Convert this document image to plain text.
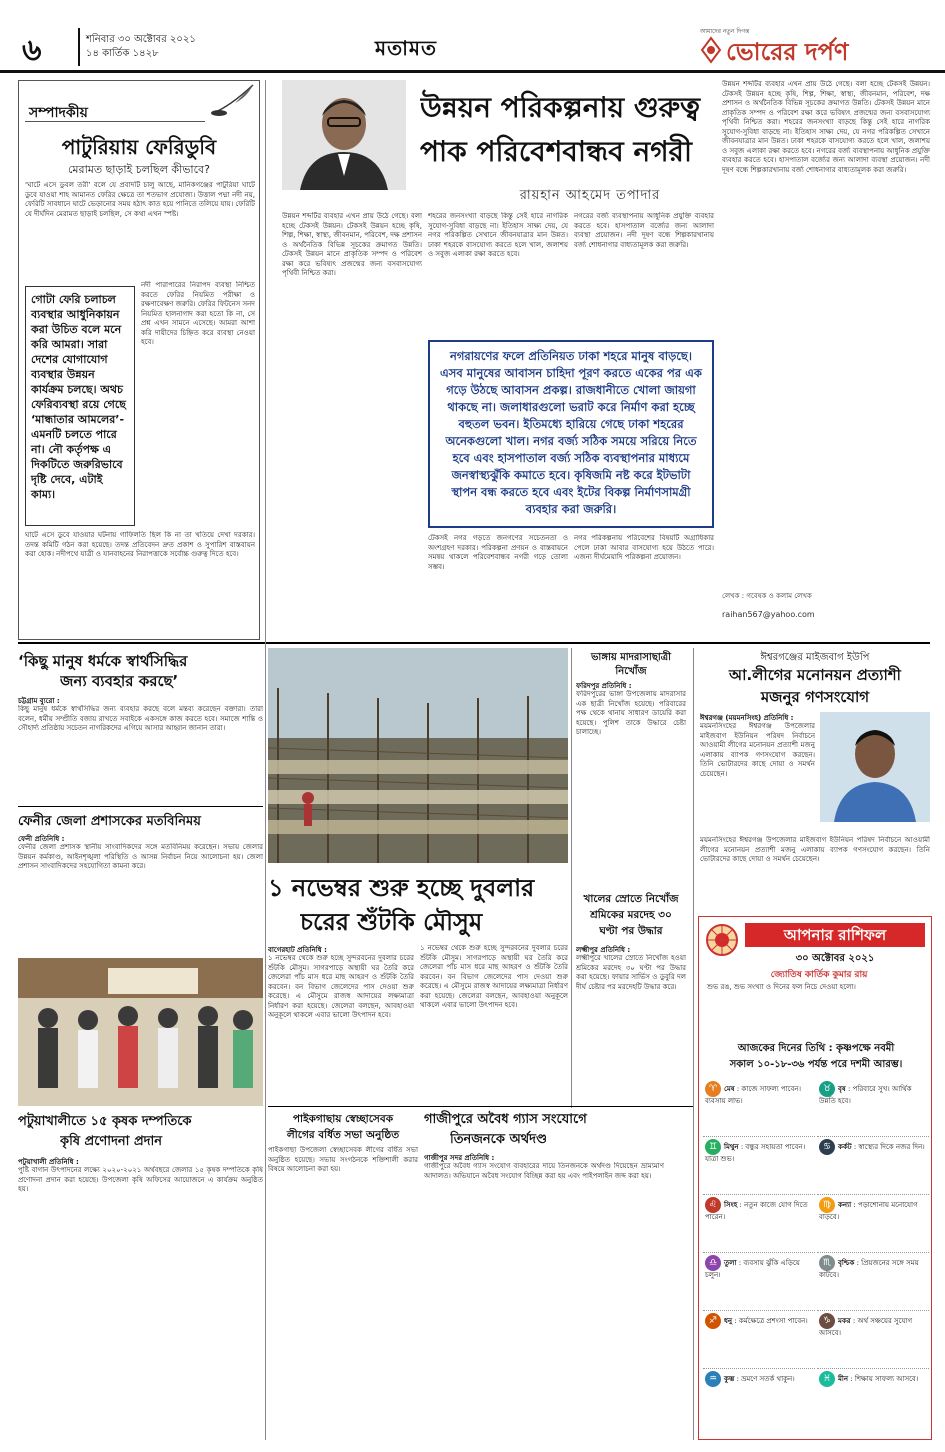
৬	শনিবার ৩০ অক্টোবর ২০২১
১৪ কার্তিক ১৪২৮	মতামত
আমাদের নতুন দিগন্ত
ভোরের দর্পণ
সম্পাদকীয়
পাটুরিয়ায় ফেরিডুবি
মেরামত ছাড়াই চলছিল কীভাবে?
‘ঘাটে এসে ডুবল তরী’ বলে যে প্রবাদটি চালু আছে, মানিকগঞ্জের পাটুরিয়া ঘাটে ডুবে যাওয়া শাহ আমানত ফেরির ক্ষেত্রে তা শতভাগ প্রযোজ্য। উত্তাল পদ্মা নদী নয়, ফেরিটি সাবধানে ঘাটে ভেড়ানোর সময় হঠাৎ কাত হয়ে পানিতে তলিয়ে যায়। ফেরিটি যে দীর্ঘদিন মেরামত ছাড়াই চলছিল, সে কথা এখন স্পষ্ট।
নদী পারাপারের নিরাপদ ব্যবস্থা নিশ্চিত করতে ফেরির নিয়মিত পরীক্ষা ও রক্ষণাবেক্ষণ জরুরি। ফেরির ফিটনেস সনদ নিয়মিত হালনাগাদ করা হতো কি না, সে প্রশ্ন এখন সামনে এসেছে। আমরা আশা করি দায়ীদের চিহ্নিত করে ব্যবস্থা নেওয়া হবে।
গোটা ফেরি চলাচল ব্যবস্থার আধুনিকায়ন করা উচিত বলে মনে করি আমরা। সারা দেশের যোগাযোগ ব্যবস্থার উন্নয়ন কার্যক্রম চলছে। অথচ ফেরিব্যবস্থা রয়ে গেছে ‘মান্ধাতার আমলের’- এমনটি চলতে পারে না। নৌ কর্তৃপক্ষ এ দিকটিতে জরুরিভাবে দৃষ্টি দেবে, এটাই কাম্য।
ঘাটে এসে ডুবে যাওয়ার ঘটনায় গাফিলতি ছিল কি না তা খতিয়ে দেখা দরকার। তদন্ত কমিটি গঠন করা হয়েছে। তদন্ত প্রতিবেদন দ্রুত প্রকাশ ও সুপারিশ বাস্তবায়ন করা হোক। নদীপথে যাত্রী ও যানবাহনের নিরাপত্তাকে সর্বোচ্চ গুরুত্ব দিতে হবে।
উন্নয়ন পরিকল্পনায় গুরুত্ব
পাক পরিবেশবান্ধব নগরী
রায়হান আহমেদ তপাদার
উন্নয়ন শব্দটির ব্যবহার এখন প্রায় উঠে গেছে। বলা হচ্ছে টেকসই উন্নয়ন। টেকসই উন্নয়ন হচ্ছে কৃষি, শিল্প, শিক্ষা, স্বাস্থ্য, জীবনমান, পরিবেশ, দক্ষ প্রশাসন ও অর্থনৈতিক বিভিন্ন সূচকের ক্রমাগত উন্নতি। টেকসই উন্নয়ন মানে প্রাকৃতিক সম্পদ ও পরিবেশ রক্ষা করে ভবিষ্যৎ প্রজন্মের জন্য বসবাসযোগ্য পৃথিবী নিশ্চিত করা।
শহরের জনসংখ্যা বাড়ছে কিন্তু সেই হারে নাগরিক সুযোগ-সুবিধা বাড়ছে না। ইতিহাস সাক্ষ্য দেয়, যে নগর পরিকল্পিত সেখানে জীবনযাত্রার মান উন্নত। ঢাকা শহরকে বাসযোগ্য করতে হলে খাল, জলাশয় ও সবুজ এলাকা রক্ষা করতে হবে।
নগরের বর্জ্য ব্যবস্থাপনায় আধুনিক প্রযুক্তি ব্যবহার করতে হবে। হাসপাতাল বর্জ্যের জন্য আলাদা ব্যবস্থা প্রয়োজন। নদী দূষণ বন্ধে শিল্পকারখানায় বর্জ্য শোধনাগার বাধ্যতামূলক করা জরুরি।
টেকসই নগর গড়তে জনগণের সচেতনতা ও অংশগ্রহণ দরকার। পরিকল্পনা প্রণয়ন ও বাস্তবায়নে সমন্বয় থাকলে পরিবেশবান্ধব নগরী গড়ে তোলা সম্ভব।
নগর পরিকল্পনায় পরিবেশের বিষয়টি অগ্রাধিকার পেলে ঢাকা আবার বাসযোগ্য হয়ে উঠতে পারে। এজন্য দীর্ঘমেয়াদি পরিকল্পনা প্রয়োজন।
নগরায়ণের ফলে প্রতিনিয়ত ঢাকা শহরে মানুষ বাড়ছে। এসব মানুষের আবাসন চাহিদা পূরণ করতে একের পর এক গড়ে উঠছে আবাসন প্রকল্প। রাজধানীতে খোলা জায়গা থাকছে না। জলাধারগুলো ভরাট করে নির্মাণ করা হচ্ছে বহুতল ভবন। ইতিমধ্যে হারিয়ে গেছে ঢাকা শহরের অনেকগুলো খাল। নগর বর্জ্য সঠিক সময়ে সরিয়ে নিতে হবে এবং হাসপাতাল বর্জ্য সঠিক ব্যবস্থাপনার মাধ্যমে জনস্বাস্থ্যঝুঁকি কমাতে হবে। কৃষিজমি নষ্ট করে ইটভাটা স্থাপন বন্ধ করতে হবে এবং ইটের বিকল্প নির্মাণসামগ্রী ব্যবহার করা জরুরি।
উন্নয়ন শব্দটির ব্যবহার এখন প্রায় উঠে গেছে। বলা হচ্ছে টেকসই উন্নয়ন। টেকসই উন্নয়ন হচ্ছে কৃষি, শিল্প, শিক্ষা, স্বাস্থ্য, জীবনমান, পরিবেশ, দক্ষ প্রশাসন ও অর্থনৈতিক বিভিন্ন সূচকের ক্রমাগত উন্নতি। টেকসই উন্নয়ন মানে প্রাকৃতিক সম্পদ ও পরিবেশ রক্ষা করে ভবিষ্যৎ প্রজন্মের জন্য বসবাসযোগ্য পৃথিবী নিশ্চিত করা। শহরের জনসংখ্যা বাড়ছে কিন্তু সেই হারে নাগরিক সুযোগ-সুবিধা বাড়ছে না। ইতিহাস সাক্ষ্য দেয়, যে নগর পরিকল্পিত সেখানে জীবনযাত্রার মান উন্নত। ঢাকা শহরকে বাসযোগ্য করতে হলে খাল, জলাশয় ও সবুজ এলাকা রক্ষা করতে হবে। নগরের বর্জ্য ব্যবস্থাপনায় আধুনিক প্রযুক্তি ব্যবহার করতে হবে। হাসপাতাল বর্জ্যের জন্য আলাদা ব্যবস্থা প্রয়োজন। নদী দূষণ বন্ধে শিল্পকারখানায় বর্জ্য শোধনাগার বাধ্যতামূলক করা জরুরি।
লেখক : গবেষক ও কলাম লেখক
raihan567@yahoo.com
‘কিছু মানুষ ধর্মকে স্বার্থসিদ্ধির
জন্য ব্যবহার করছে’
চট্টগ্রাম ব্যুরো :
কিছু মানুষ ধর্মকে স্বার্থসিদ্ধির জন্য ব্যবহার করছে বলে মন্তব্য করেছেন বক্তারা। তারা বলেন, ধর্মীয় সম্প্রীতি বজায় রাখতে সবাইকে একসঙ্গে কাজ করতে হবে। সমাজে শান্তি ও সৌহার্দ্য প্রতিষ্ঠায় সচেতন নাগরিকদের এগিয়ে আসার আহ্বান জানান তারা।
ফেনীর জেলা প্রশাসকের মতবিনিময়
ফেনী প্রতিনিধি :
ফেনীর জেলা প্রশাসক স্থানীয় সাংবাদিকদের সঙ্গে মতবিনিময় করেছেন। সভায় জেলার উন্নয়ন কর্মকাণ্ড, আইনশৃঙ্খলা পরিস্থিতি ও আসন্ন নির্বাচন নিয়ে আলোচনা হয়। জেলা প্রশাসন সাংবাদিকদের সহযোগিতা কামনা করে।
পটুয়াখালীতে ১৫ কৃষক দম্পতিকে
কৃষি প্রণোদনা প্রদান
পটুয়াখালী প্রতিনিধি :
পুষ্টি বাগান উৎপাদনের লক্ষ্যে ২০২০-২০২১ অর্থবছরে জেলার ১৫ কৃষক দম্পতিকে কৃষি প্রণোদনা প্রদান করা হয়েছে। উপজেলা কৃষি অফিসের আয়োজনে এ কার্যক্রম অনুষ্ঠিত হয়।
১ নভেম্বর শুরু হচ্ছে দুবলার
চরের শুঁটকি মৌসুম
বাগেরহাট প্রতিনিধি :
১ নভেম্বর থেকে শুরু হচ্ছে সুন্দরবনের দুবলার চরের শুঁটকি মৌসুম। সাগরপাড়ে অস্থায়ী ঘর তৈরি করে জেলেরা পাঁচ মাস ধরে মাছ আহরণ ও শুঁটকি তৈরি করবেন। বন বিভাগ জেলেদের পাস দেওয়া শুরু করেছে। এ মৌসুমে রাজস্ব আদায়ের লক্ষ্যমাত্রা নির্ধারণ করা হয়েছে। জেলেরা বলছেন, আবহাওয়া অনুকূলে থাকলে এবার ভালো উৎপাদন হবে।
১ নভেম্বর থেকে শুরু হচ্ছে সুন্দরবনের দুবলার চরের শুঁটকি মৌসুম। সাগরপাড়ে অস্থায়ী ঘর তৈরি করে জেলেরা পাঁচ মাস ধরে মাছ আহরণ ও শুঁটকি তৈরি করবেন। বন বিভাগ জেলেদের পাস দেওয়া শুরু করেছে। এ মৌসুমে রাজস্ব আদায়ের লক্ষ্যমাত্রা নির্ধারণ করা হয়েছে। জেলেরা বলছেন, আবহাওয়া অনুকূলে থাকলে এবার ভালো উৎপাদন হবে।
পাইকগাছায় স্বেচ্ছাসেবক
লীগের বর্ধিত সভা অনুষ্ঠিত
পাইকগাছা উপজেলা স্বেচ্ছাসেবক লীগের বর্ধিত সভা অনুষ্ঠিত হয়েছে। সভায় সংগঠনকে শক্তিশালী করার বিষয়ে আলোচনা করা হয়।
গাজীপুরে অবৈধ গ্যাস সংযোগে
তিনজনকে অর্থদণ্ড
গাজীপুর সদর প্রতিনিধি :
গাজীপুরে অবৈধ গ্যাস সংযোগ ব্যবহারের দায়ে তিনজনকে অর্থদণ্ড দিয়েছেন ভ্রাম্যমাণ আদালত। অভিযানে অবৈধ সংযোগ বিচ্ছিন্ন করা হয় এবং পাইপলাইন জব্দ করা হয়।
ভাঙ্গায় মাদরাসাছাত্রী
নিখোঁজ
ফরিদপুর প্রতিনিধি :
ফরিদপুরের ভাঙ্গা উপজেলায় মাদরাসার এক ছাত্রী নিখোঁজ হয়েছে। পরিবারের পক্ষ থেকে থানায় সাধারণ ডায়েরি করা হয়েছে। পুলিশ তাকে উদ্ধারে চেষ্টা চালাচ্ছে।
খালের স্রোতে নিখোঁজ
শ্রমিকের মরদেহ ৩০
ঘণ্টা পর উদ্ধার
লক্ষ্মীপুর প্রতিনিধি :
লক্ষ্মীপুরে খালের স্রোতে নিখোঁজ হওয়া শ্রমিকের মরদেহ ৩০ ঘণ্টা পর উদ্ধার করা হয়েছে। ফায়ার সার্ভিস ও ডুবুরি দল দীর্ঘ চেষ্টার পর মরদেহটি উদ্ধার করে।
ঈশ্বরগঞ্জের মাইজবাগ ইউপি
আ.লীগের মনোনয়ন প্রত্যাশী
মজনুর গণসংযোগ
ঈশ্বরগঞ্জ (ময়মনসিংহ) প্রতিনিধি :
ময়মনসিংহের ঈশ্বরগঞ্জ উপজেলার মাইজবাগ ইউনিয়ন পরিষদ নির্বাচনে আওয়ামী লীগের মনোনয়ন প্রত্যাশী মজনু এলাকায় ব্যাপক গণসংযোগ করছেন। তিনি ভোটারদের কাছে দোয়া ও সমর্থন চেয়েছেন।
ময়মনসিংহের ঈশ্বরগঞ্জ উপজেলার মাইজবাগ ইউনিয়ন পরিষদ নির্বাচনে আওয়ামী লীগের মনোনয়ন প্রত্যাশী মজনু এলাকায় ব্যাপক গণসংযোগ করছেন। তিনি ভোটারদের কাছে দোয়া ও সমর্থন চেয়েছেন।
আপনার রাশিফল
৩০ অক্টোবর ২০২১
জ্যোতিষ কার্তিক কুমার রায়
শুভ রঙ, শুভ সংখ্যা ও দিনের ফল নিচে দেওয়া হলো।
আজকের দিনের তিথি : কৃষ্ণপক্ষে নবমী
সকাল ১০-১৮-৩৬ পর্যন্ত পরে দশমী আরম্ভ।
♈ মেষ : কাজে সাফল্য পাবেন। ব্যবসায় লাভ।
♊ মিথুন : বন্ধুর সহায়তা পাবেন। যাত্রা শুভ।
♌ সিংহ : নতুন কাজে যোগ দিতে পারেন।
♎ তুলা : ব্যবসায় ঝুঁকি এড়িয়ে চলুন।
♐ ধনু : কর্মক্ষেত্রে প্রশংসা পাবেন।
♒ কুম্ভ : ভ্রমণে সতর্ক থাকুন।
♉ বৃষ : পরিবারে সুখ। আর্থিক উন্নতি হবে।
♋ কর্কট : স্বাস্থ্যের দিকে নজর দিন।
♍ কন্যা : পড়াশোনায় মনোযোগ বাড়বে।
♏ বৃশ্চিক : প্রিয়জনের সঙ্গে সময় কাটবে।
♑ মকর : অর্থ সঞ্চয়ের সুযোগ আসবে।
♓ মীন : শিক্ষায় সাফল্য আসবে।
